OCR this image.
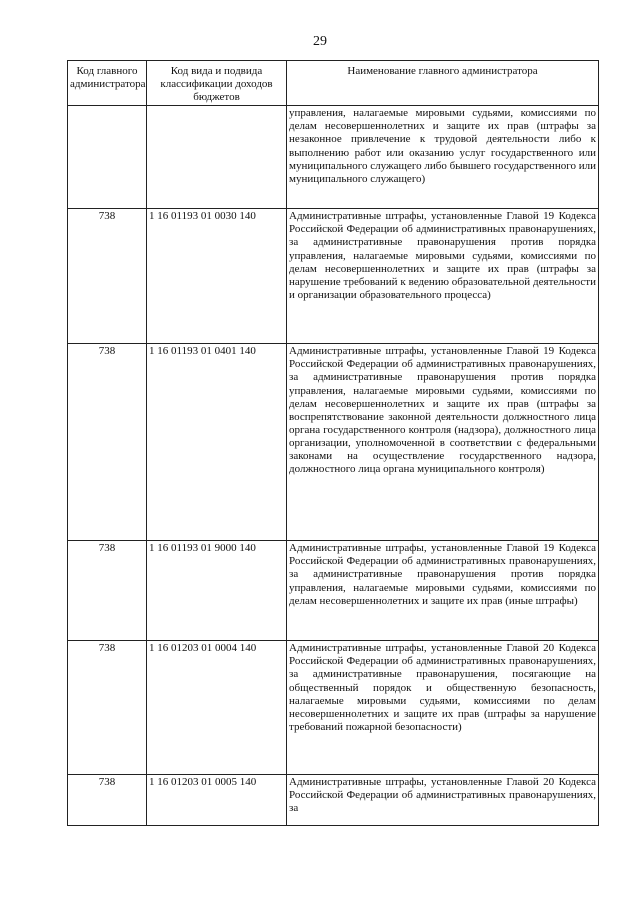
29
Код главного администратора	Код вида и подвида классификации доходов бюджетов	Наименование главного администратора
		управления, налагаемые мировыми судьями, комиссиями по делам несовершеннолетних и защите их прав (штрафы за незаконное привлечение к трудовой деятельности либо к выполнению работ или оказанию услуг государственного или муниципального служащего либо бывшего государственного или муниципального служащего)
738	1 16 01193 01 0030 140	Административные штрафы, установленные Главой 19 Кодекса Российской Федерации об административных правонарушениях, за административные правонарушения против порядка управления, налагаемые мировыми судьями, комиссиями по делам несовершеннолетних и защите их прав (штрафы за нарушение требований к ведению образовательной деятельности и организации образовательного процесса)
738	1 16 01193 01 0401 140	Административные штрафы, установленные Главой 19 Кодекса Российской Федерации об административных правонарушениях, за административные правонарушения против порядка управления, налагаемые мировыми судьями, комиссиями по делам несовершеннолетних и защите их прав (штрафы за воспрепятствование законной деятельности должностного лица органа государственного контроля (надзора), должностного лица организации, уполномоченной в соответствии с федеральными законами на осуществление государственного надзора, должностного лица органа муниципального контроля)
738	1 16 01193 01 9000 140	Административные штрафы, установленные Главой 19 Кодекса Российской Федерации об административных правонарушениях, за административные правонарушения против порядка управления, налагаемые мировыми судьями, комиссиями по делам несовершеннолетних и защите их прав (иные штрафы)
738	1 16 01203 01 0004 140	Административные штрафы, установленные Главой 20 Кодекса Российской Федерации об административных правонарушениях, за административные правонарушения, посягающие на общественный порядок и общественную безопасность, налагаемые мировыми судьями, комиссиями по делам несовершеннолетних и защите их прав (штрафы за нарушение требований пожарной безопасности)
738	1 16 01203 01 0005 140	Административные штрафы, установленные Главой 20 Кодекса Российской Федерации об административных правонарушениях, за
